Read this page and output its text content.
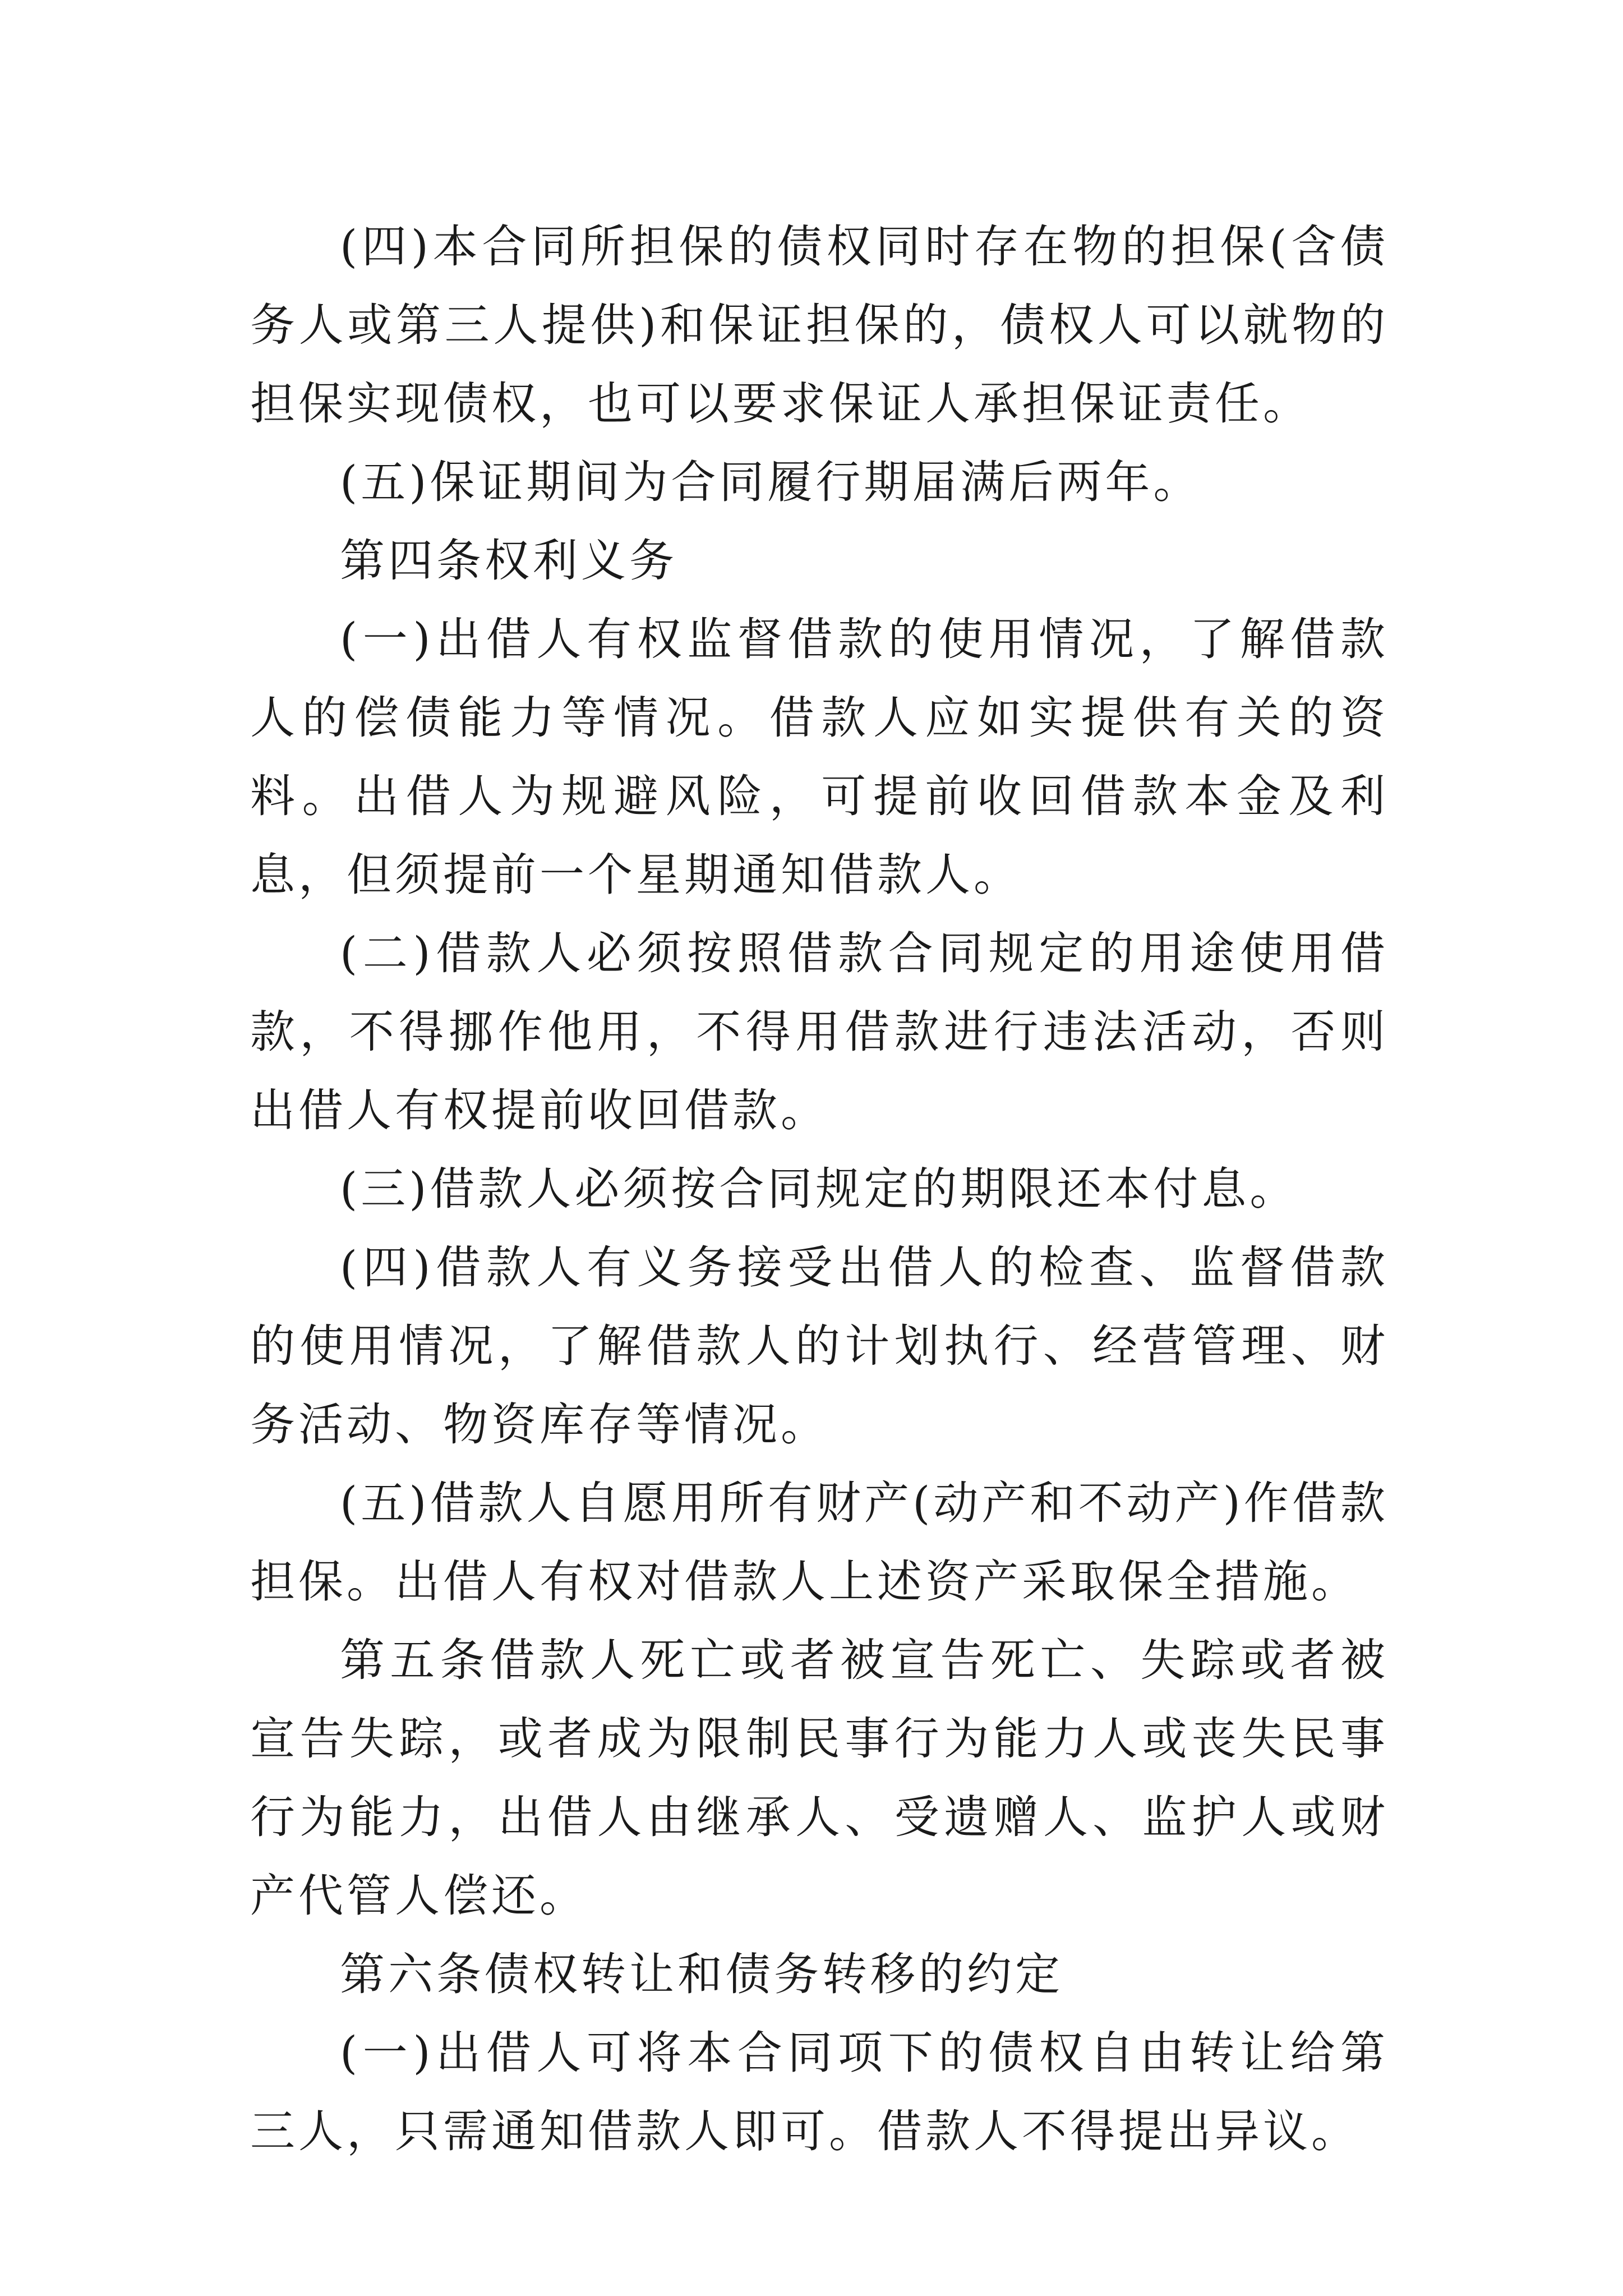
(四)本合同所担保的债权同时存在物的担保(含债务人或第三人提供)和保证担保的，债权人可以就物的担保实现债权，也可以要求保证人承担保证责任。

(五)保证期间为合同履行期届满后两年。

第四条权利义务

(一)出借人有权监督借款的使用情况，了解借款人的偿债能力等情况。借款人应如实提供有关的资料。出借人为规避风险，可提前收回借款本金及利息，但须提前一个星期通知借款人。

(二)借款人必须按照借款合同规定的用途使用借款，不得挪作他用，不得用借款进行违法活动，否则出借人有权提前收回借款。

(三)借款人必须按合同规定的期限还本付息。

(四)借款人有义务接受出借人的检查、监督借款的使用情况，了解借款人的计划执行、经营管理、财务活动、物资库存等情况。

(五)借款人自愿用所有财产(动产和不动产)作借款担保。出借人有权对借款人上述资产采取保全措施。

第五条借款人死亡或者被宣告死亡、失踪或者被宣告失踪，或者成为限制民事行为能力人或丧失民事行为能力，出借人由继承人、受遗赠人、监护人或财产代管人偿还。

第六条债权转让和债务转移的约定

(一)出借人可将本合同项下的债权自由转让给第三人，只需通知借款人即可。借款人不得提出异议。
